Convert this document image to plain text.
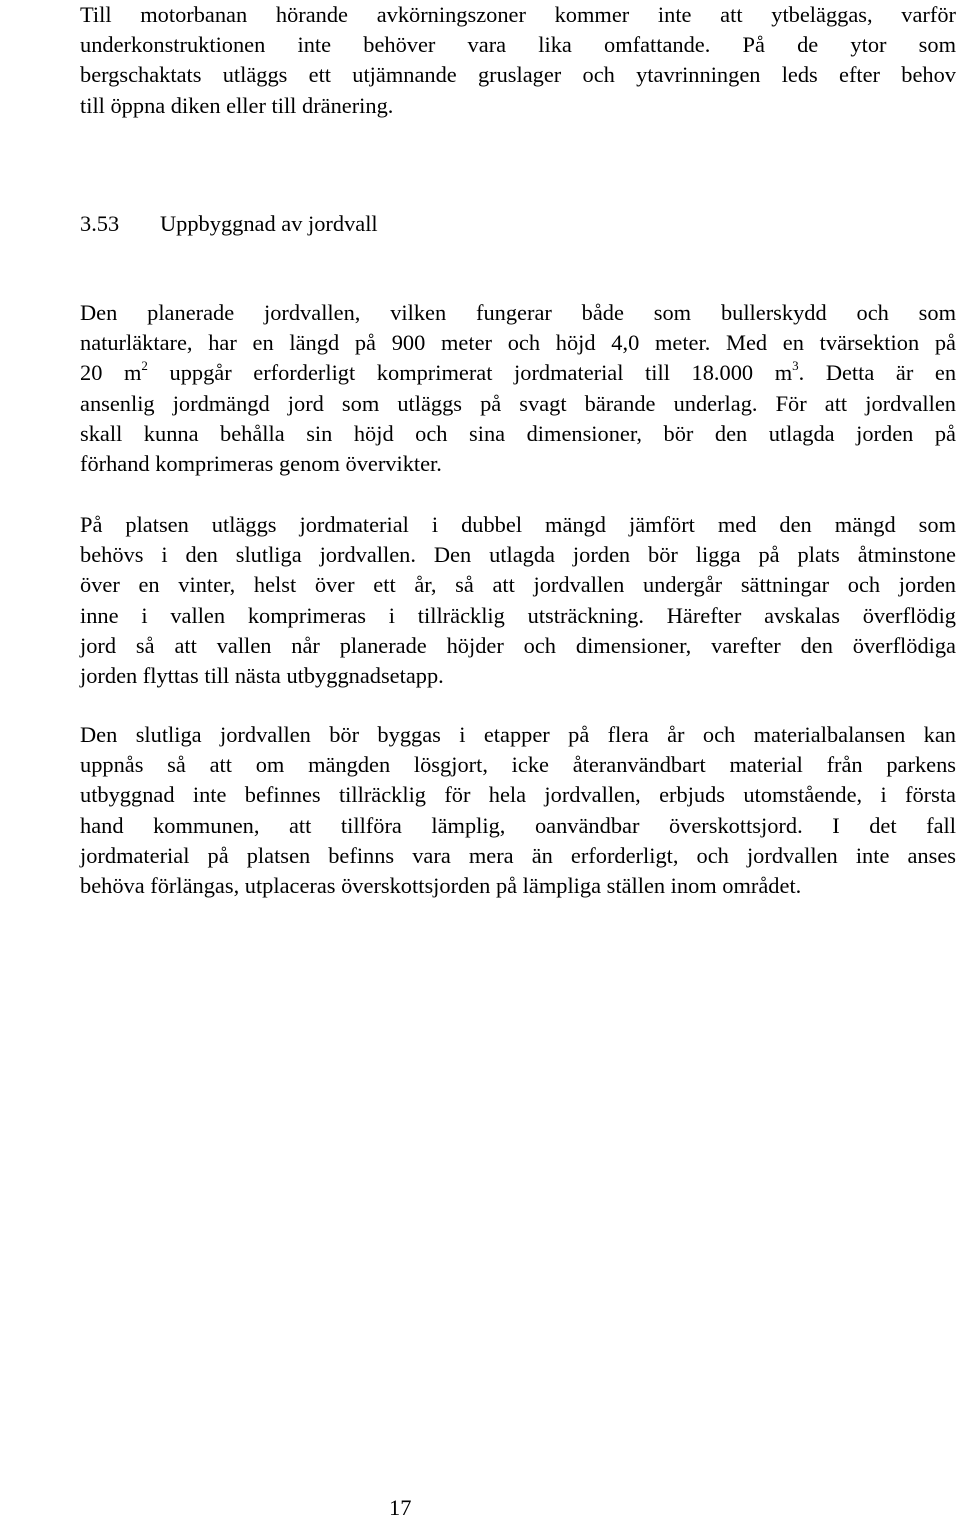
Till motorbanan hörande avkörningszoner kommer inte att ytbeläggas, varför
underkonstruktionen inte behöver vara lika omfattande. På de ytor som
bergschaktats utläggs ett utjämnande gruslager och ytavrinningen leds efter behov
till öppna diken eller till dränering.

3.53 Uppbyggnad av jordvall

Den planerade jordvallen, vilken fungerar både som bullerskydd och som
naturläktare, har en längd på 900 meter och höjd 4,0 meter. Med en tvärsektion på
20 $m^2$ uppgår erforderligt komprimerat jordmaterial till 18.000 $m^3$. Detta är en
ansenlig jordmängd jord som utläggs på svagt bärande underlag. För att jordvallen
skall kunna behålla sin höjd och sina dimensioner, bör den utlagda jorden på
förhand komprimeras genom övervikter.

På platsen utläggs jordmaterial i dubbel mängd jämfört med den mängd som
behövs i den slutliga jordvallen. Den utlagda jorden bör ligga på plats åtminstone
över en vinter, helst över ett år, så att jordvallen undergår sättningar och jorden
inne i vallen komprimeras i tillräcklig utsträckning. Härefter avskalas överflödig
jord så att vallen når planerade höjder och dimensioner, varefter den överflödiga
jorden flyttas till nästa utbyggnadsetapp.

Den slutliga jordvallen bör byggas i etapper på flera år och materialbalansen kan
uppnås så att om mängden lösgjort, icke återanvändbart material från parkens
utbyggnad inte befinnes tillräcklig för hela jordvallen, erbjuds utomstående, i första
hand kommunen, att tillföra lämplig, oanvändbar överskottsjord. I det fall
jordmaterial på platsen befinns vara mera än erforderligt, och jordvallen inte anses
behöva förlängas, utplaceras överskottsjorden på lämpliga ställen inom området.

17
